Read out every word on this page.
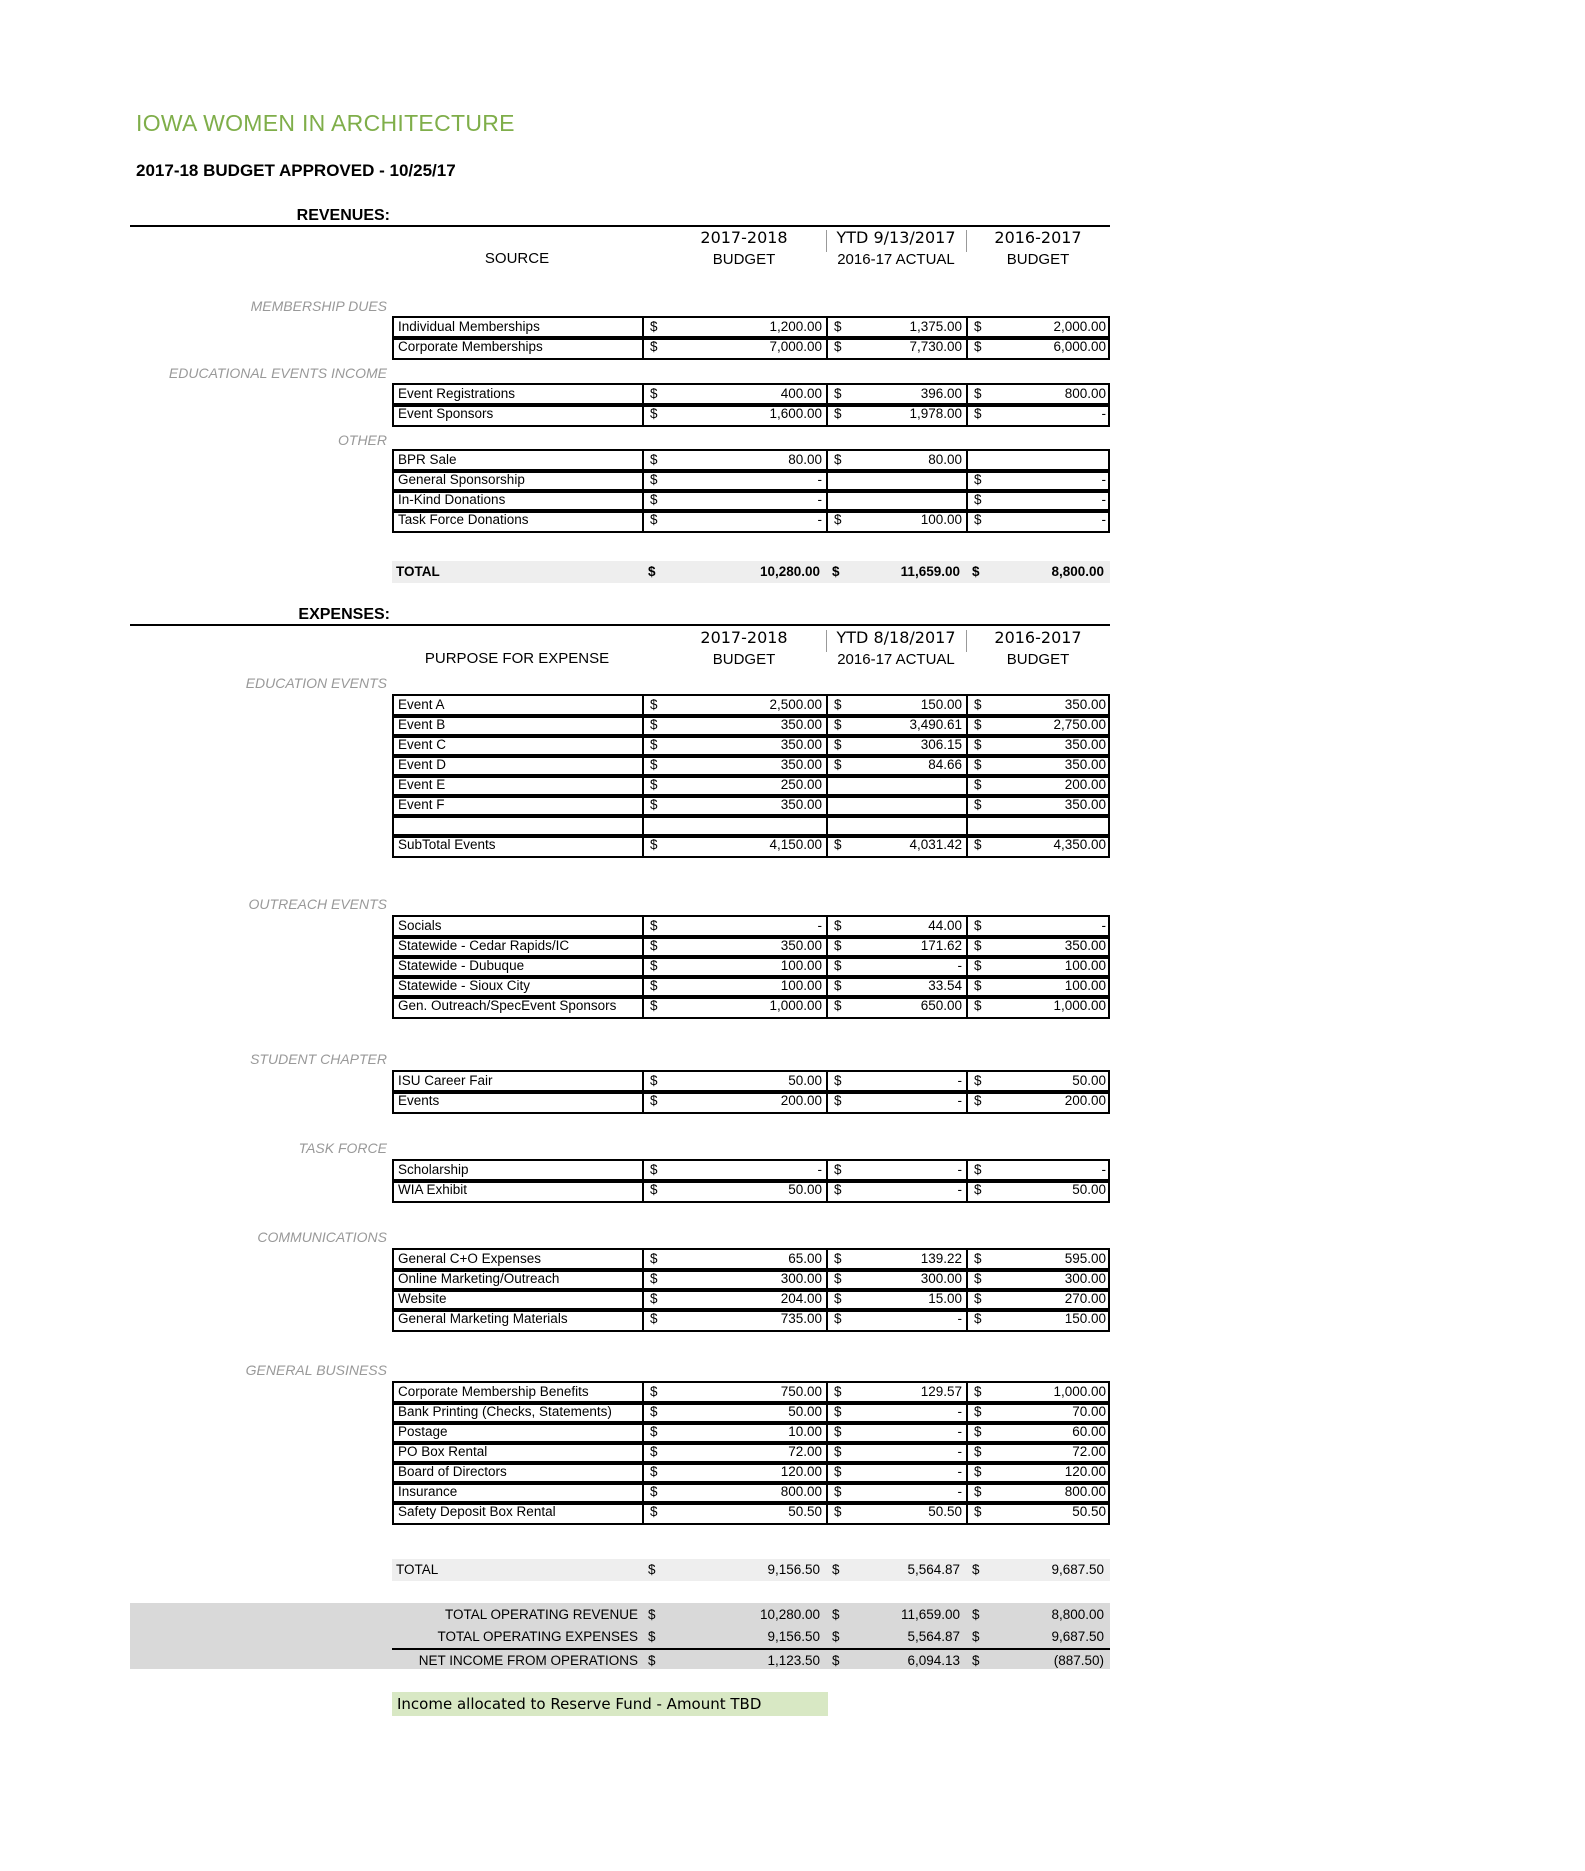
IOWA WOMEN IN ARCHITECTURE
2017-18 BUDGET APPROVED - 10/25/17
REVENUES:
SOURCE
2017-2018
BUDGET
YTD 9/13/2017
2016-17 ACTUAL
2016-2017
BUDGET
MEMBERSHIP DUES
Individual Memberships	$	1,200.00 $	1,375.00 $	2,000.00
Corporate Memberships	$	7,000.00 $	7,730.00 $	6,000.00
EDUCATIONAL EVENTS INCOME
Event Registrations	$	400.00 $	396.00 $	800.00
Event Sponsors	$	1,600.00 $	1,978.00 $	-
OTHER
BPR Sale	$	80.00 $	80.00
General Sponsorship	$	-	$	-
In-Kind Donations	$	-	$	-
Task Force Donations	$	- $	100.00 $	-
TOTAL	$	10,280.00 $	11,659.00 $	8,800.00
EXPENSES:
PURPOSE FOR EXPENSE
2017-2018
BUDGET
YTD 8/18/2017
2016-17 ACTUAL
2016-2017
BUDGET
EDUCATION EVENTS
Event A	$	2,500.00 $	150.00 $	350.00
Event B	$	350.00 $	3,490.61 $	2,750.00
Event C	$	350.00 $	306.15 $	350.00
Event D	$	350.00 $	84.66 $	350.00
Event E	$	250.00	$	200.00
Event F	$	350.00	$	350.00
SubTotal Events	$	4,150.00 $	4,031.42 $	4,350.00
OUTREACH EVENTS
Socials	$	- $	44.00 $	-
Statewide - Cedar Rapids/IC	$	350.00 $	171.62 $	350.00
Statewide - Dubuque	$	100.00 $	- $	100.00
Statewide - Sioux City	$	100.00 $	33.54 $	100.00
Gen. Outreach/SpecEvent Sponsors	$	1,000.00 $	650.00 $	1,000.00
STUDENT CHAPTER
ISU Career Fair	$	50.00 $	- $	50.00
Events	$	200.00 $	- $	200.00
TASK FORCE
Scholarship	$	- $	- $	-
WIA Exhibit	$	50.00 $	- $	50.00
COMMUNICATIONS
General C+O Expenses	$	65.00 $	139.22 $	595.00
Online Marketing/Outreach	$	300.00 $	300.00 $	300.00
Website	$	204.00 $	15.00 $	270.00
General Marketing Materials	$	735.00 $	- $	150.00
GENERAL BUSINESS
Corporate Membership Benefits	$	750.00 $	129.57 $	1,000.00
Bank Printing (Checks, Statements)	$	50.00 $	- $	70.00
Postage	$	10.00 $	- $	60.00
PO Box Rental	$	72.00 $	- $	72.00
Board of Directors	$	120.00 $	- $	120.00
Insurance	$	800.00 $	- $	800.00
Safety Deposit Box Rental	$	50.50 $	50.50 $	50.50
TOTAL	$	9,156.50 $	5,564.87 $	9,687.50
TOTAL OPERATING REVENUE $	10,280.00 $	11,659.00 $	8,800.00
TOTAL OPERATING EXPENSES $	9,156.50 $	5,564.87 $	9,687.50
NET INCOME FROM OPERATIONS $	1,123.50 $	6,094.13 $	(887.50)
Income allocated to Reserve Fund - Amount TBD
